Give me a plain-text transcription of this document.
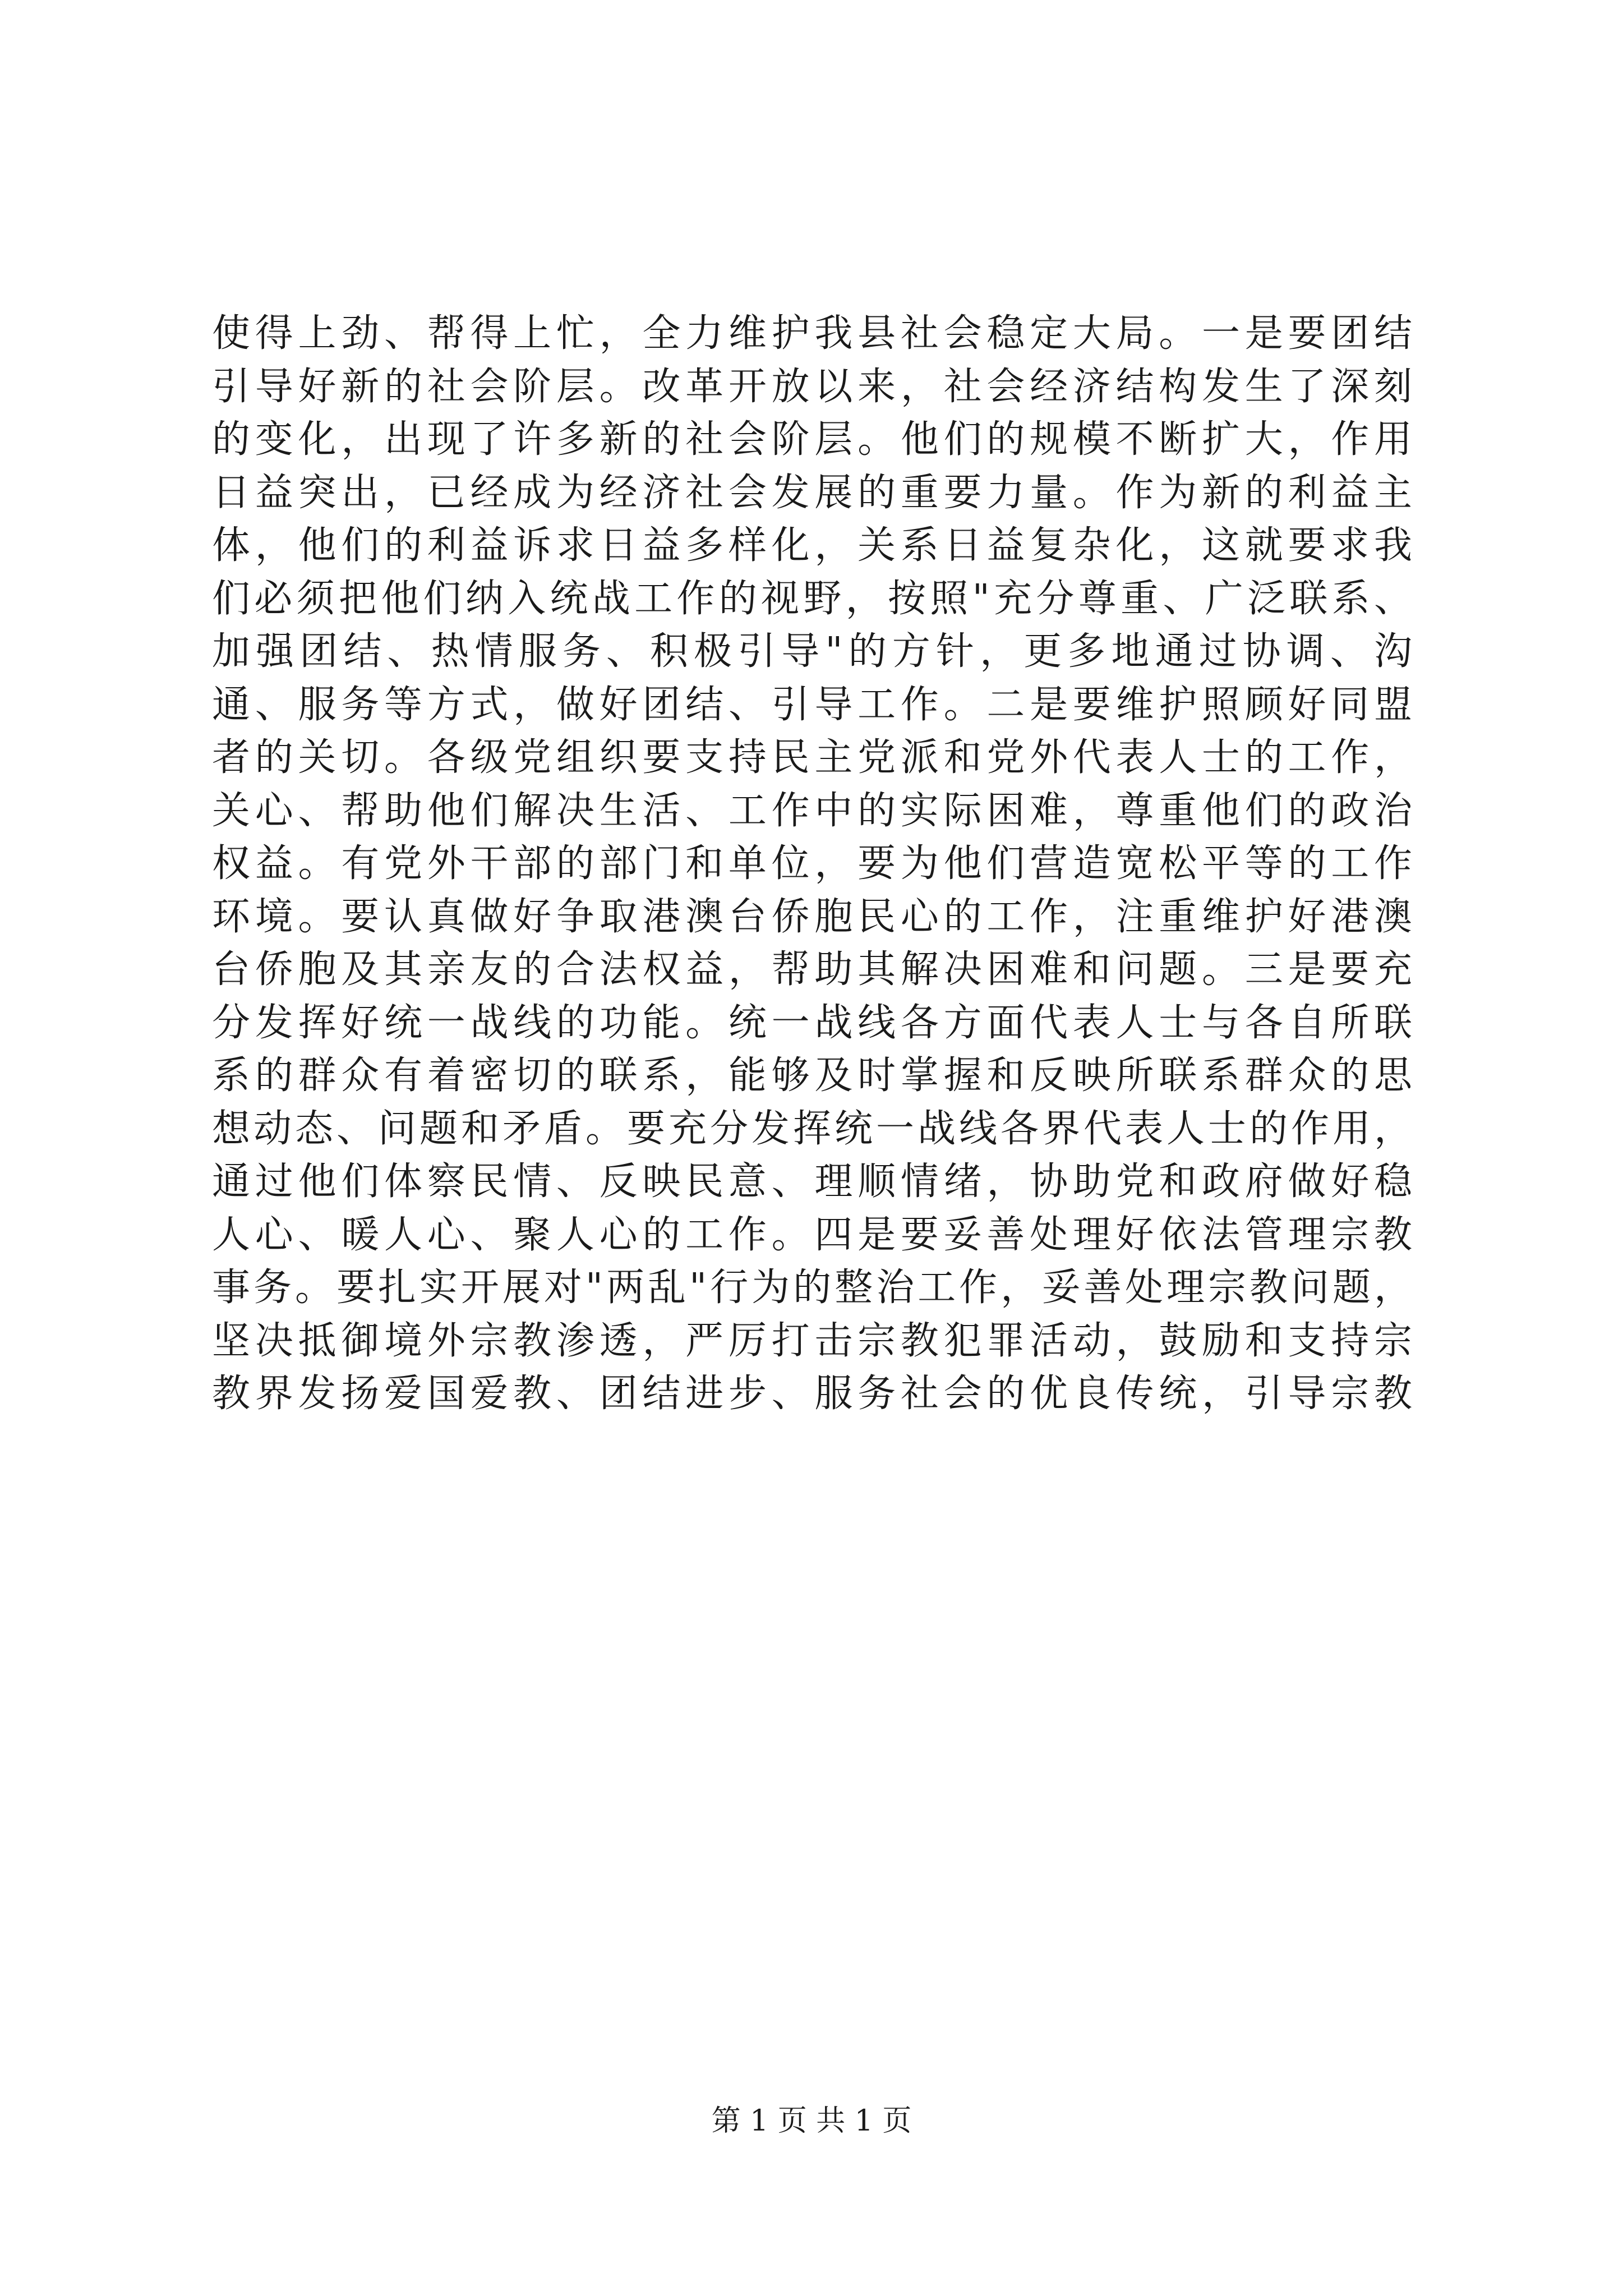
使得上劲、帮得上忙，全力维护我县社会稳定大局。一是要团结
引导好新的社会阶层。改革开放以来，社会经济结构发生了深刻
的变化，出现了许多新的社会阶层。他们的规模不断扩大，作用
日益突出，已经成为经济社会发展的重要力量。作为新的利益主
体，他们的利益诉求日益多样化，关系日益复杂化，这就要求我
们必须把他们纳入统战工作的视野，按照"充分尊重、广泛联系、
加强团结、热情服务、积极引导"的方针，更多地通过协调、沟
通、服务等方式，做好团结、引导工作。二是要维护照顾好同盟
者的关切。各级党组织要支持民主党派和党外代表人士的工作，
关心、帮助他们解决生活、工作中的实际困难，尊重他们的政治
权益。有党外干部的部门和单位，要为他们营造宽松平等的工作
环境。要认真做好争取港澳台侨胞民心的工作，注重维护好港澳
台侨胞及其亲友的合法权益，帮助其解决困难和问题。三是要充
分发挥好统一战线的功能。统一战线各方面代表人士与各自所联
系的群众有着密切的联系，能够及时掌握和反映所联系群众的思
想动态、问题和矛盾。要充分发挥统一战线各界代表人士的作用，
通过他们体察民情、反映民意、理顺情绪，协助党和政府做好稳
人心、暖人心、聚人心的工作。四是要妥善处理好依法管理宗教
事务。要扎实开展对"两乱"行为的整治工作，妥善处理宗教问题，
坚决抵御境外宗教渗透，严厉打击宗教犯罪活动，鼓励和支持宗
教界发扬爱国爱教、团结进步、服务社会的优良传统，引导宗教
第 1 页 共 1 页
